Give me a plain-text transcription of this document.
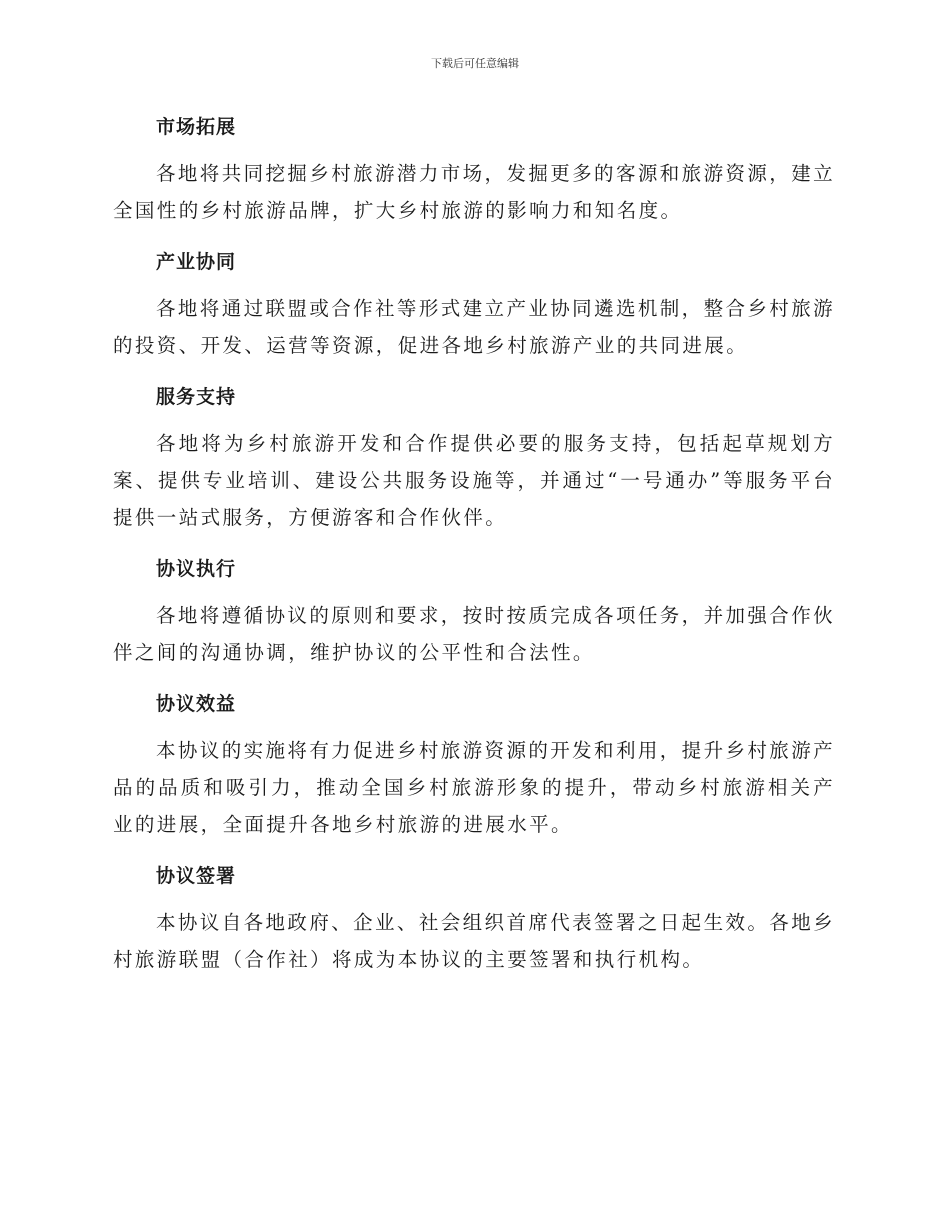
下载后可任意编辑
市场拓展

各地将共同挖掘乡村旅游潜力市场，发掘更多的客源和旅游资源，建立全国性的乡村旅游品牌，扩大乡村旅游的影响力和知名度。

产业协同

各地将通过联盟或合作社等形式建立产业协同遴选机制，整合乡村旅游的投资、开发、运营等资源，促进各地乡村旅游产业的共同进展。

服务支持

各地将为乡村旅游开发和合作提供必要的服务支持，包括起草规划方案、提供专业培训、建设公共服务设施等，并通过“一号通办”等服务平台提供一站式服务，方便游客和合作伙伴。

协议执行

各地将遵循协议的原则和要求，按时按质完成各项任务，并加强合作伙伴之间的沟通协调，维护协议的公平性和合法性。

协议效益

本协议的实施将有力促进乡村旅游资源的开发和利用，提升乡村旅游产品的品质和吸引力，推动全国乡村旅游形象的提升，带动乡村旅游相关产业的进展，全面提升各地乡村旅游的进展水平。

协议签署

本协议自各地政府、企业、社会组织首席代表签署之日起生效。各地乡村旅游联盟（合作社）将成为本协议的主要签署和执行机构。
